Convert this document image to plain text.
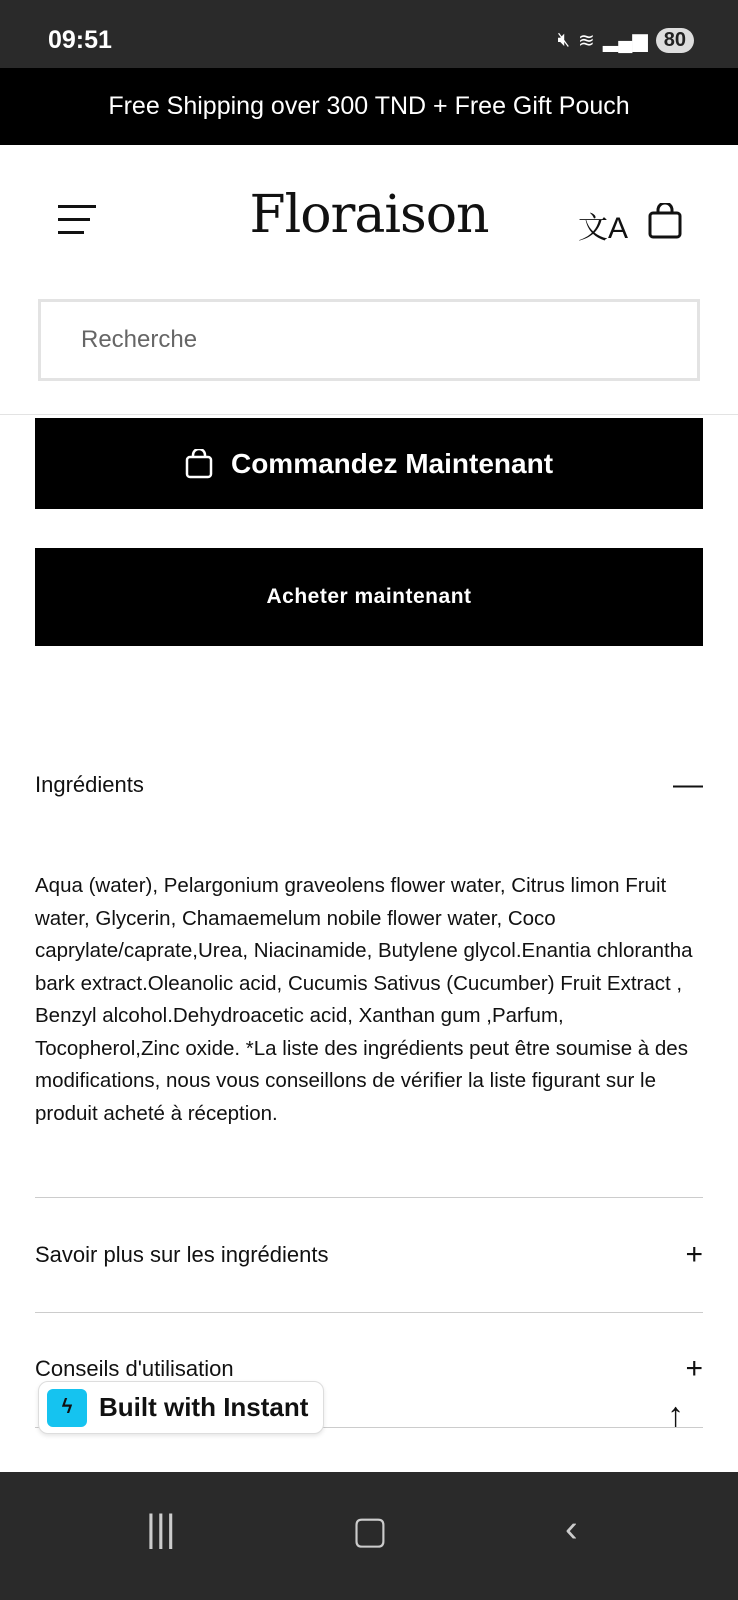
09:51	🔇︎ ≋ ▂▄▆ 80
Free Shipping over 300 TND + Free Gift Pouch
Floraison	文A
Recherche
Commandez Maintenant
Acheter maintenant
Ingrédients	—
Aqua (water), Pelargonium graveolens flower water, Citrus limon Fruit water, Glycerin, Chamaemelum nobile flower water, Coco caprylate/caprate,Urea, Niacinamide, Butylene glycol.Enantia chlorantha bark extract.Oleanolic acid, Cucumis Sativus (Cucumber) Fruit Extract , Benzyl alcohol.Dehydroacetic acid, Xanthan gum ,Parfum, Tocopherol,Zinc oxide. *La liste des ingrédients peut être soumise à des modifications, nous vous conseillons de vérifier la liste figurant sur le produit acheté à réception.
Savoir plus sur les ingrédients	+
Conseils d'utilisation	+
ϟ	Built with Instant	↑
|||	▢	‹
